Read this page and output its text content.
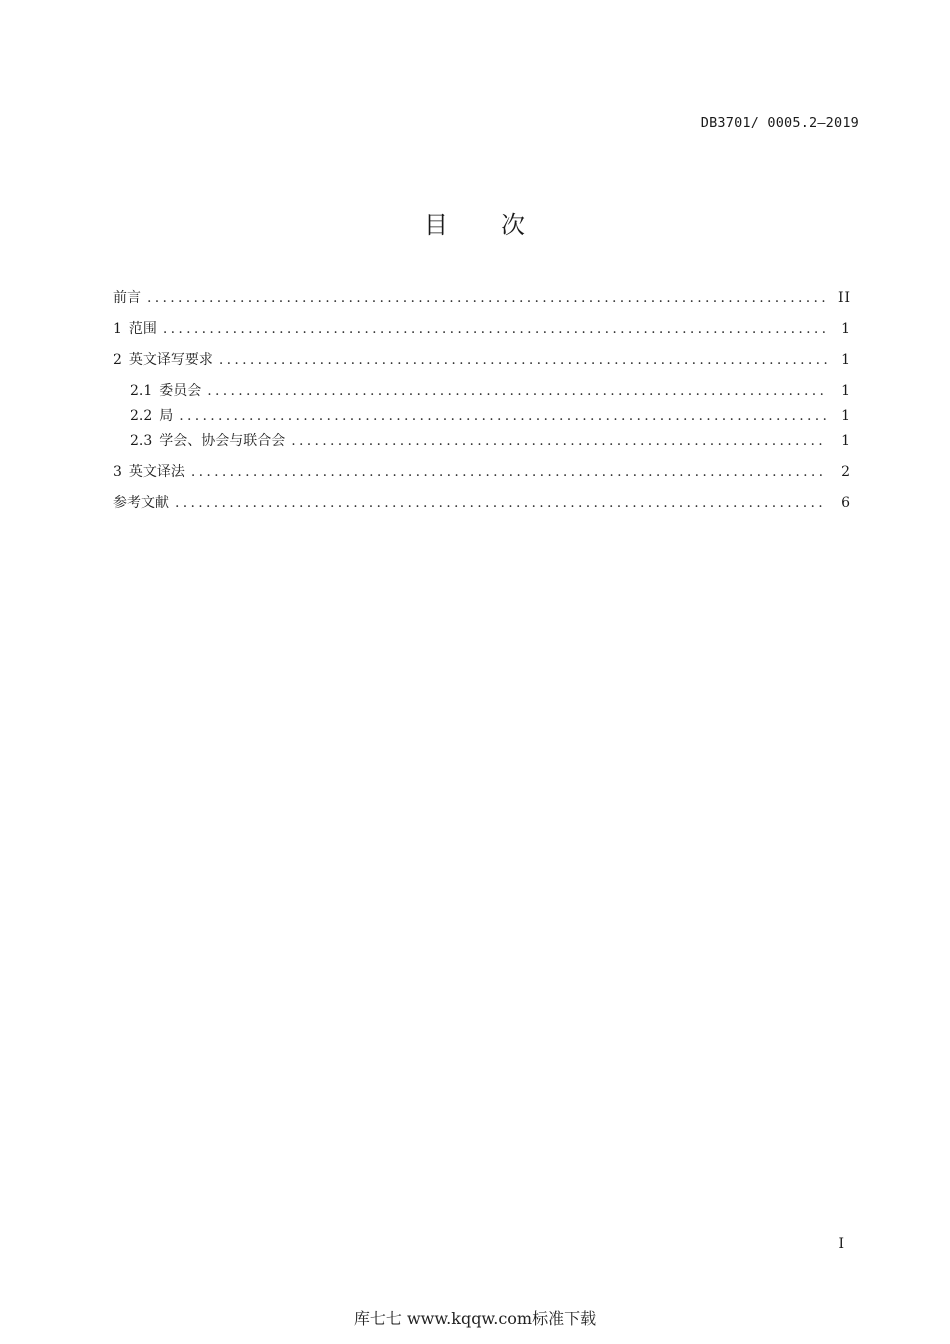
DB3701/ 0005.2—2019
目 次
前言 .....	II
1 范围 .....	1
2 英文译写要求 .....	1
2.1 委员会 .....	1
2.2 局 .....	1
2.3 学会、协会与联合会 .....	1
3 英文译法 .....	2
参考文献 .....	6
I
库七七 www.kqqw.com标准下载
